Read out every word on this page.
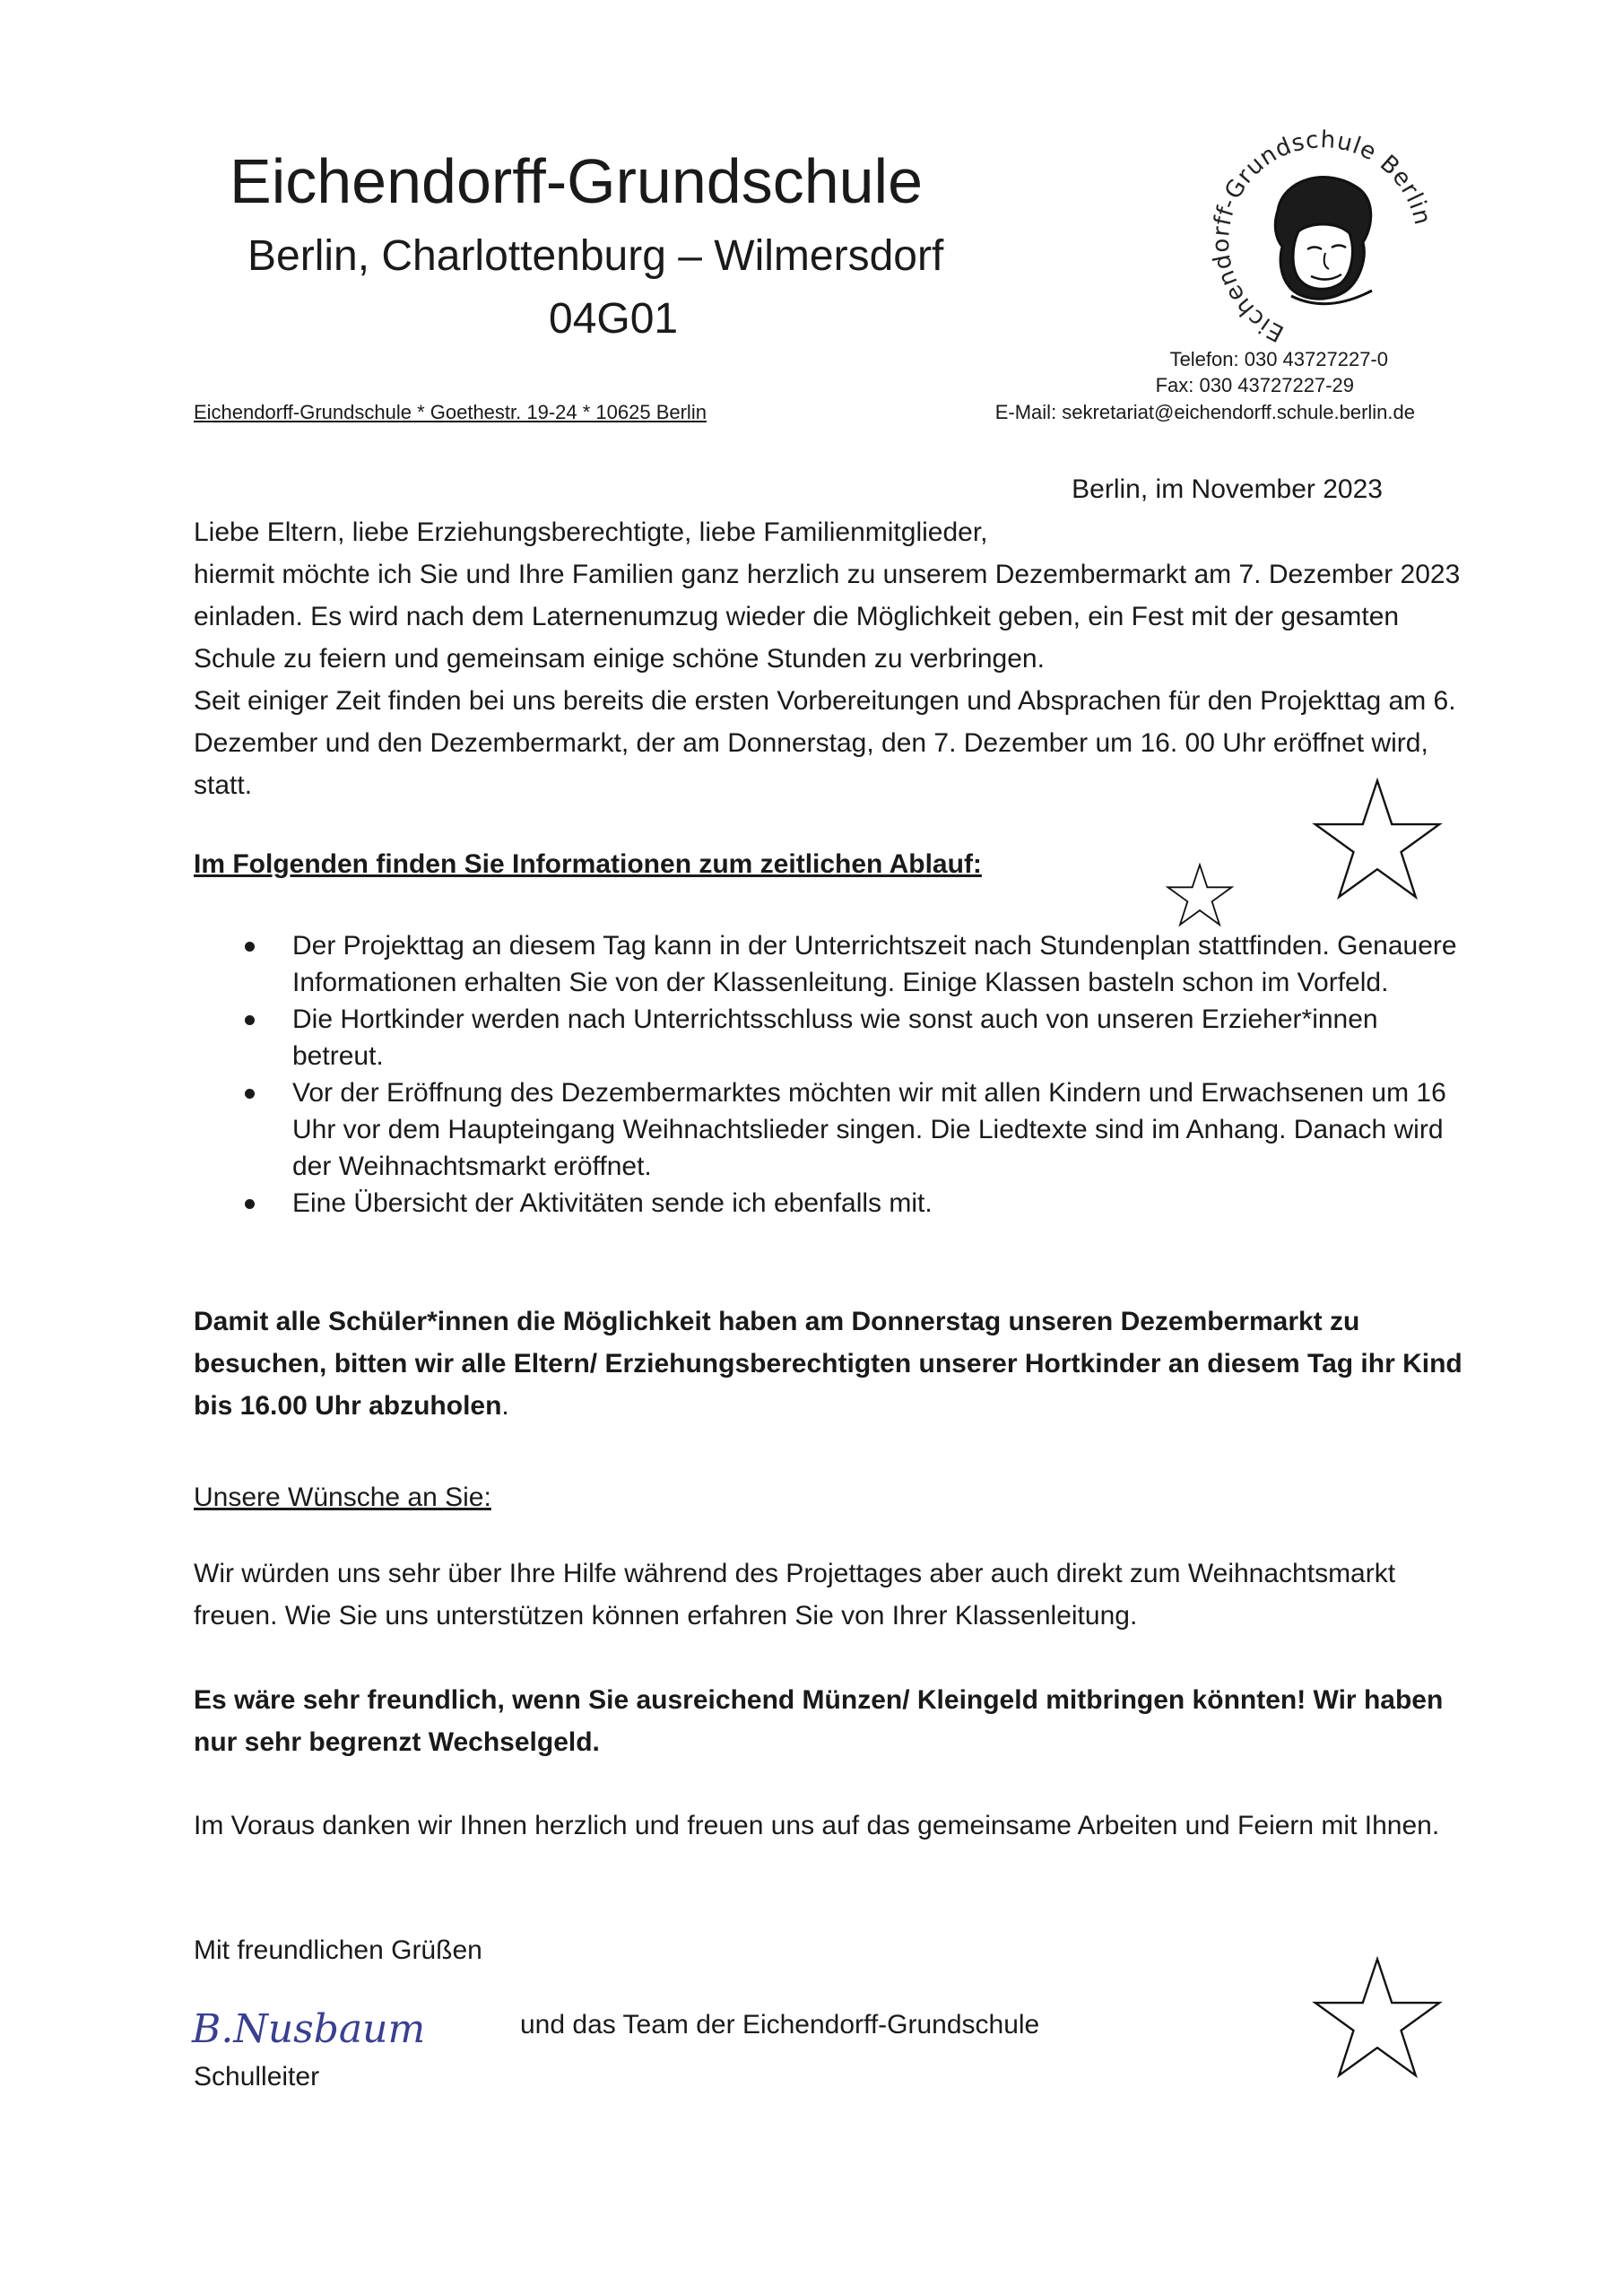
Eichendorff-Grundschule
Berlin, Charlottenburg – Wilmersdorf
04G01	Eichendorff-Grundschule Berlin
Eichendorff-Grundschule * Goethestr. 19-24 * 10625 Berlin
Telefon: 030 43727227-0
Fax: 030 43727227-29
E-Mail: sekretariat@eichendorff.schule.berlin.de
Berlin, im November 2023
Liebe Eltern, liebe Erziehungsberechtigte, liebe Familienmitglieder,
hiermit möchte ich Sie und Ihre Familien ganz herzlich zu unserem Dezembermarkt am 7. Dezember 2023 einladen. Es wird nach dem Laternenumzug wieder die Möglichkeit geben, ein Fest mit der gesamten Schule zu feiern und gemeinsam einige schöne Stunden zu verbringen.
Seit einiger Zeit finden bei uns bereits die ersten Vorbereitungen und Absprachen für den Projekttag am 6. Dezember und den Dezembermarkt, der am Donnerstag, den 7. Dezember um 16. 00 Uhr eröffnet wird, statt.
Im Folgenden finden Sie Informationen zum zeitlichen Ablauf:
Der Projekttag an diesem Tag kann in der Unterrichtszeit nach Stundenplan stattfinden. Genauere Informationen erhalten Sie von der Klassenleitung. Einige Klassen basteln schon im Vorfeld.
Die Hortkinder werden nach Unterrichtsschluss wie sonst auch von unseren Erzieher*innen betreut.
Vor der Eröffnung des Dezembermarktes möchten wir mit allen Kindern und Erwachsenen um 16 Uhr vor dem Haupteingang Weihnachtslieder singen. Die Liedtexte sind im Anhang. Danach wird der Weihnachtsmarkt eröffnet.
Eine Übersicht der Aktivitäten sende ich ebenfalls mit.
Damit alle Schüler*innen die Möglichkeit haben am Donnerstag unseren Dezembermarkt zu besuchen, bitten wir alle Eltern/ Erziehungsberechtigten unserer Hortkinder an diesem Tag ihr Kind bis 16.00 Uhr abzuholen.
Unsere Wünsche an Sie:
Wir würden uns sehr über Ihre Hilfe während des Projettages aber auch direkt zum Weihnachtsmarkt freuen. Wie Sie uns unterstützen können erfahren Sie von Ihrer Klassenleitung.
Es wäre sehr freundlich, wenn Sie ausreichend Münzen/ Kleingeld mitbringen könnten! Wir haben nur sehr begrenzt Wechselgeld.
Im Voraus danken wir Ihnen herzlich und freuen uns auf das gemeinsame Arbeiten und Feiern mit Ihnen.
Mit freundlichen Grüßen
B.Nusbaum	und das Team der Eichendorff-Grundschule
Schulleiter
